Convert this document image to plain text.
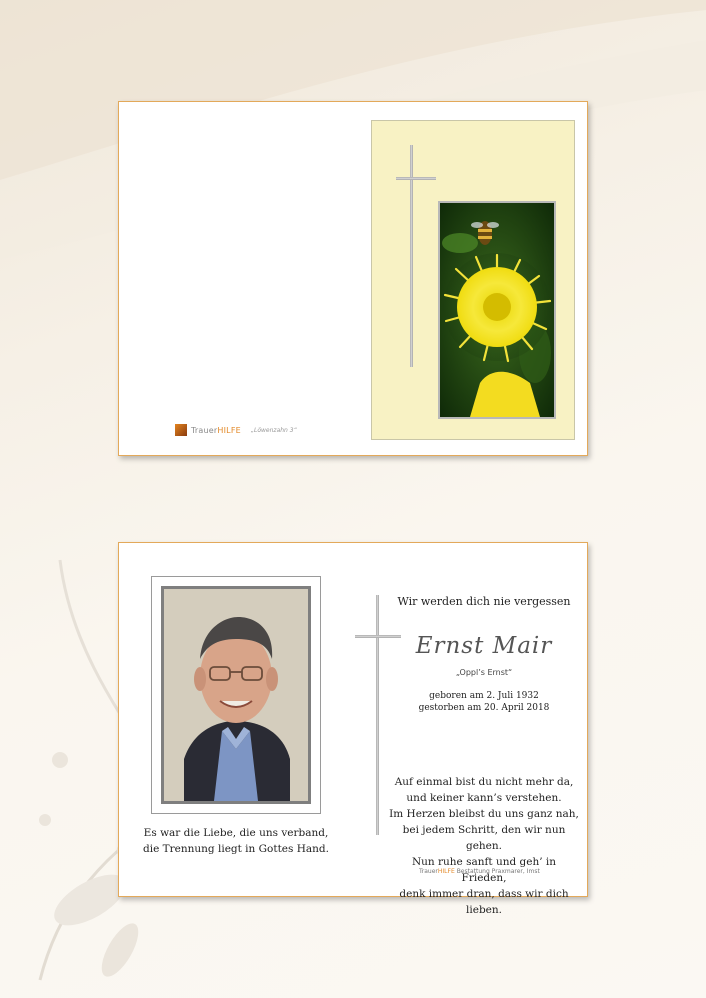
TrauerHILFE „Löwenzahn 3“
Es war die Liebe, die uns verband,
die Trennung liegt in Gottes Hand.
Wir werden dich nie vergessen
Ernst Mair
„Oppl’s Ernst“
geboren am 2. Juli 1932
gestorben am 20. April 2018
Auf einmal bist du nicht mehr da,
und keiner kann’s verstehen.
Im Herzen bleibst du uns ganz nah,
bei jedem Schritt, den wir nun gehen.
Nun ruhe sanft und geh’ in Frieden,
denk immer dran, dass wir dich lieben.
TrauerHILFE Bestattung Praxmarer, Imst
